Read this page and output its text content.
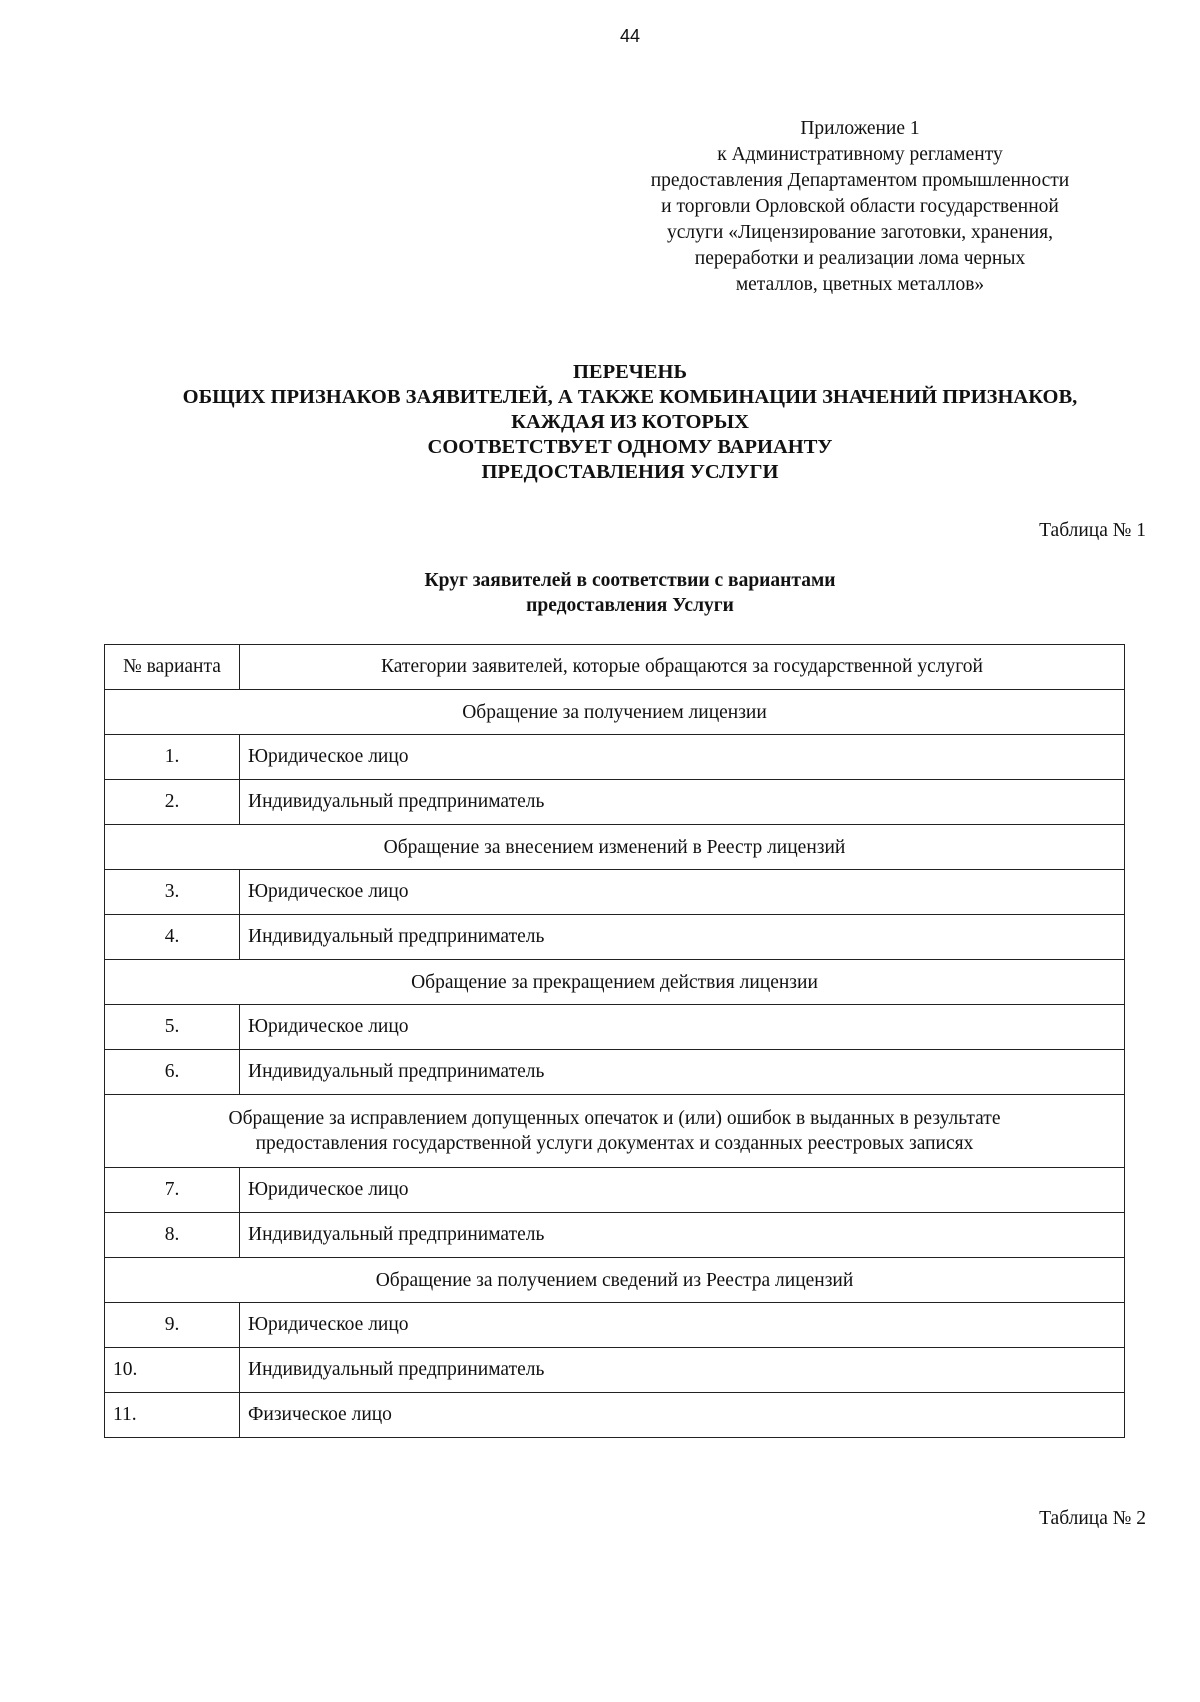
44
Приложение 1
к Административному регламенту
предоставления Департаментом промышленности
и торговли Орловской области государственной
услуги «Лицензирование заготовки, хранения,
переработки и реализации лома черных
металлов, цветных металлов»
ПЕРЕЧЕНЬ
ОБЩИХ ПРИЗНАКОВ ЗАЯВИТЕЛЕЙ, А ТАКЖЕ КОМБИНАЦИИ ЗНАЧЕНИЙ ПРИЗНАКОВ,
КАЖДАЯ ИЗ КОТОРЫХ
СООТВЕТСТВУЕТ ОДНОМУ ВАРИАНТУ
ПРЕДОСТАВЛЕНИЯ УСЛУГИ
Таблица № 1
Круг заявителей в соответствии с вариантами
предоставления Услуги
№ варианта	Категории заявителей, которые обращаются за государственной услугой

Обращение за получением лицензии	

1.	Юридическое лицо
2.	Индивидуальный предприниматель

Обращение за внесением изменений в Реестр лицензий	

3.	Юридическое лицо
4.	Индивидуальный предприниматель

Обращение за прекращением действия лицензии	

5.	Юридическое лицо
6.	Индивидуальный предприниматель

Обращение за исправлением допущенных опечаток и (или) ошибок в выданных в результате
предоставления государственной услуги документах и созданных реестровых записях	

7.	Юридическое лицо
8.	Индивидуальный предприниматель

Обращение за получением сведений из Реестра лицензий	

9.	Юридическое лицо
10.	Индивидуальный предприниматель
11.	Физическое лицо
Таблица № 2
